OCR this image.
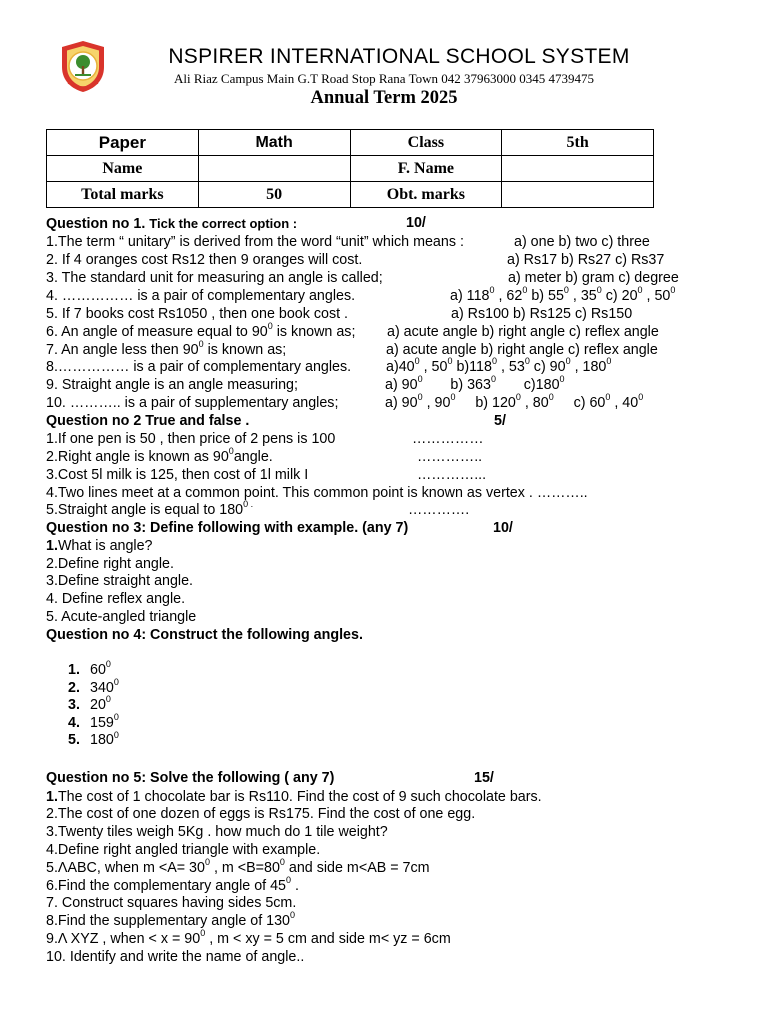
NSPIRER INTERNATIONAL SCHOOL SYSTEM
Ali Riaz Campus Main G.T Road Stop Rana Town 042 37963000 0345 4739475
Annual Term 2025
Paper	Math	Class	5th
Name		F. Name	
Total marks	50	Obt. marks	
Question no 1. Tick the correct option :	10/
1.The term “ unitary” is derived from the word “unit” which means :	a) one b) two c) three
2. If 4 oranges cost Rs12 then 9 oranges will cost.	a) Rs17 b) Rs27 c) Rs37
3. The standard unit for measuring an angle is called;	a) meter b) gram c) degree
4. …………… is a pair of complementary angles.	a) $118^0$ , $62^0$ b) $55^0$ , $35^0$ c) $20^0$ , $50^0$
5. If 7 books cost Rs1050 , then one book cost .	a) Rs100 b) Rs125 c) Rs150
6. An angle of measure equal to $90^0$ is known as; a) acute angle b) right angle c) reflex angle
7. An angle less then $90^0$ is known as;	a) acute angle b) right angle c) reflex angle
8.…………… is a pair of complementary angles. $a)40^0$ , $50^0$ $b)118^0$ , $53^0$ c) $90^0$ , $180^0$
9. Straight angle is an angle measuring;	a) $90^0$       b) $363^0$       $c)180^0$
10. ……….. is a pair of supplementary angles;	a) $90^0$ , $90^0$     b) $120^0$ , $80^0$     c) $60^0$ , $40^0$
Question no 2 True and false .	5/
1.If one pen is 50 , then price of 2 pens is 100	……………
2.Right angle is known as $90^0angle$.	…………..
3.Cost 5l milk is 125, then cost of 1l milk I	…………...
4.Two lines meet at a common point. This common point is known as vertex . ………..
5.Straight angle is equal to $180^{0 .}$	………….
Question no 3: Define following with example. (any 7)	10/
1.What is angle?
2.Define right angle.
3.Define straight angle.
4. Define reflex angle.
5. Acute-angled triangle
Question no 4: Construct the following angles.
1. $60^0$
2. $340^0$
3. $20^0$
4. $159^0$
5. $180^0$
Question no 5: Solve the following ( any 7)	15/
1.The cost of 1 chocolate bar is Rs110. Find the cost of 9 such chocolate bars.
2.The cost of one dozen of eggs is Rs175. Find the cost of one egg.
3.Twenty tiles weigh 5Kg . how much do 1 tile weight?
4.Define right angled triangle with example.
5.ΛABC, when $m <A= 30^0$ , $m <B=80^0$ and side m<AB = 7cm
6.Find the complementary angle of $45^0$ .
7. Construct squares having sides 5cm.
8.Find the supplementary angle of $130^0$
9.Λ XYZ , when < $x = 90^0$ , m < xy = 5 cm and side m< yz = 6cm
10. Identify and write the name of angle..
